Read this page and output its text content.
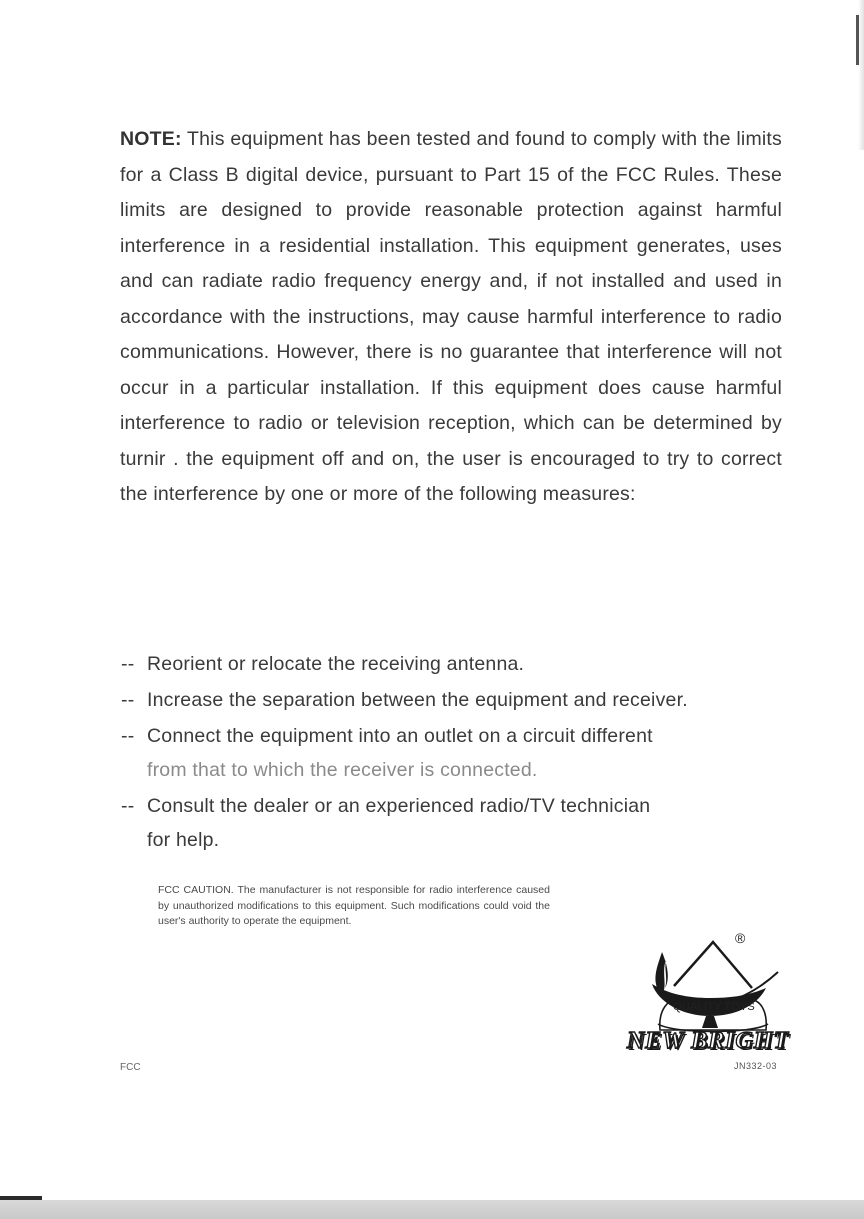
NOTE: This equipment has been tested and found to comply with the limits for a Class B digital device, pursuant to Part 15 of the FCC Rules. These limits are designed to provide reasonable protection against harmful interference in a residential installation. This equipment generates, uses and can radiate radio frequency energy and, if not installed and used in accordance with the instructions, may cause harmful interference to radio communications. However, there is no guarantee that interference will not occur in a particular installation. If this equipment does cause harmful interference to radio or television reception, which can be determined by turnir . the equipment off and on, the user is encouraged to try to correct the interference by one or more of the following measures:

-- Reorient or relocate the receiving antenna.
-- Increase the separation between the equipment and receiver.
-- Connect the equipment into an outlet on a circuit different
from that to which the receiver is connected.
-- Consult the dealer or an experienced radio/TV technician
for help.

FCC CAUTION. The manufacturer is not responsible for radio interference caused by unauthorized modifications to this equipment. Such modifications could void the user's authority to operate the equipment.

FCC
®
QUALITY TOYS
NEW BRIGHT
JN332-03
